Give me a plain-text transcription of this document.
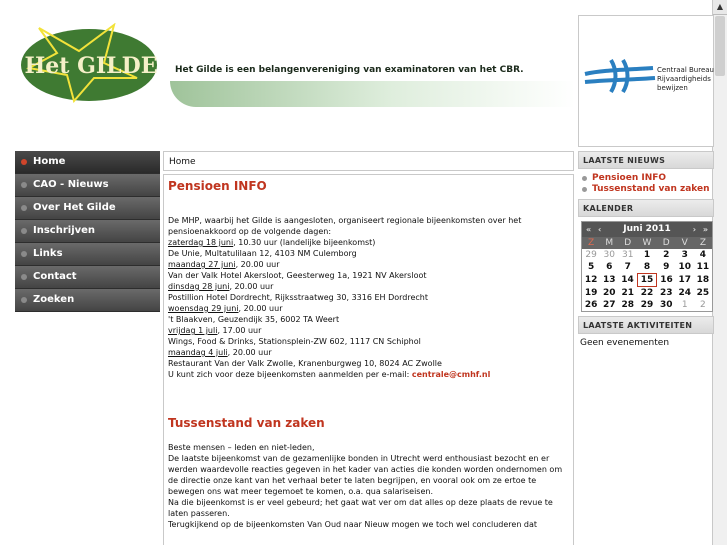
▲
Het GILDE Het Gilde is een belangenvereniging van examinatoren van het CBR.	Centraal Bureau
Rijvaardigheids
bewijzen
Home
CAO - Nieuws
Over Het Gilde
Inschrijven
Links
Contact
Zoeken
Home
Pensioen INFO

De MHP, waarbij het Gilde is aangesloten, organiseert regionale bijeenkomsten over het pensioenakkoord op de volgende dagen:

zaterdag 18 juni, 10.30 uur (landelijke bijeenkomst)

De Unie, Multatulilaan 12, 4103 NM Culemborg

maandag 27 juni, 20.00 uur

Van der Valk Hotel Akersloot, Geesterweg 1a, 1921 NV Akersloot

dinsdag 28 juni, 20.00 uur

Postillion Hotel Dordrecht, Rijksstraatweg 30, 3316 EH Dordrecht

woensdag 29 juni, 20.00 uur

't Blaakven, Geuzendijk 35, 6002 TA Weert

vrijdag 1 juli, 17.00 uur

Wings, Food & Drinks, Stationsplein-ZW 602, 1117 CN Schiphol

maandag 4 juli, 20.00 uur

Restaurant Van der Valk Zwolle, Kranenburgweg 10, 8024 AC Zwolle

U kunt zich voor deze bijeenkomsten aanmelden per e-mail: centrale@cmhf.nl

Tussenstand van zaken

Beste mensen – leden en niet-leden,

De laatste bijeenkomst van de gezamenlijke bonden in Utrecht werd enthousiast bezocht en er werden waardevolle reacties gegeven in het kader van acties die konden worden ondernomen om de directie onze kant van het verhaal beter te laten begrijpen, en vooral ook om ze ertoe te bewegen ons wat meer tegemoet te komen, o.a. qua salariseisen.

Na die bijeenkomst is er veel gebeurd; het gaat wat ver om dat alles op deze plaats de revue te laten passeren.

Terugkijkend op de bijeenkomsten Van Oud naar Nieuw mogen we toch wel concluderen dat

LAATSTE NIEUWS
Pensioen INFO
Tussenstand van zaken
KALENDER
« ‹ Juni 2011	› »
Z	M	D	W	D	V	Z
29	30	31	1	2	3	4
5	6	7	8	9	10	11
12	13	14	15	16	17	18
19	20	21	22	23	24	25
26	27	28	29	30	1	2
LAATSTE AKTIVITEITEN
Geen evenementen
